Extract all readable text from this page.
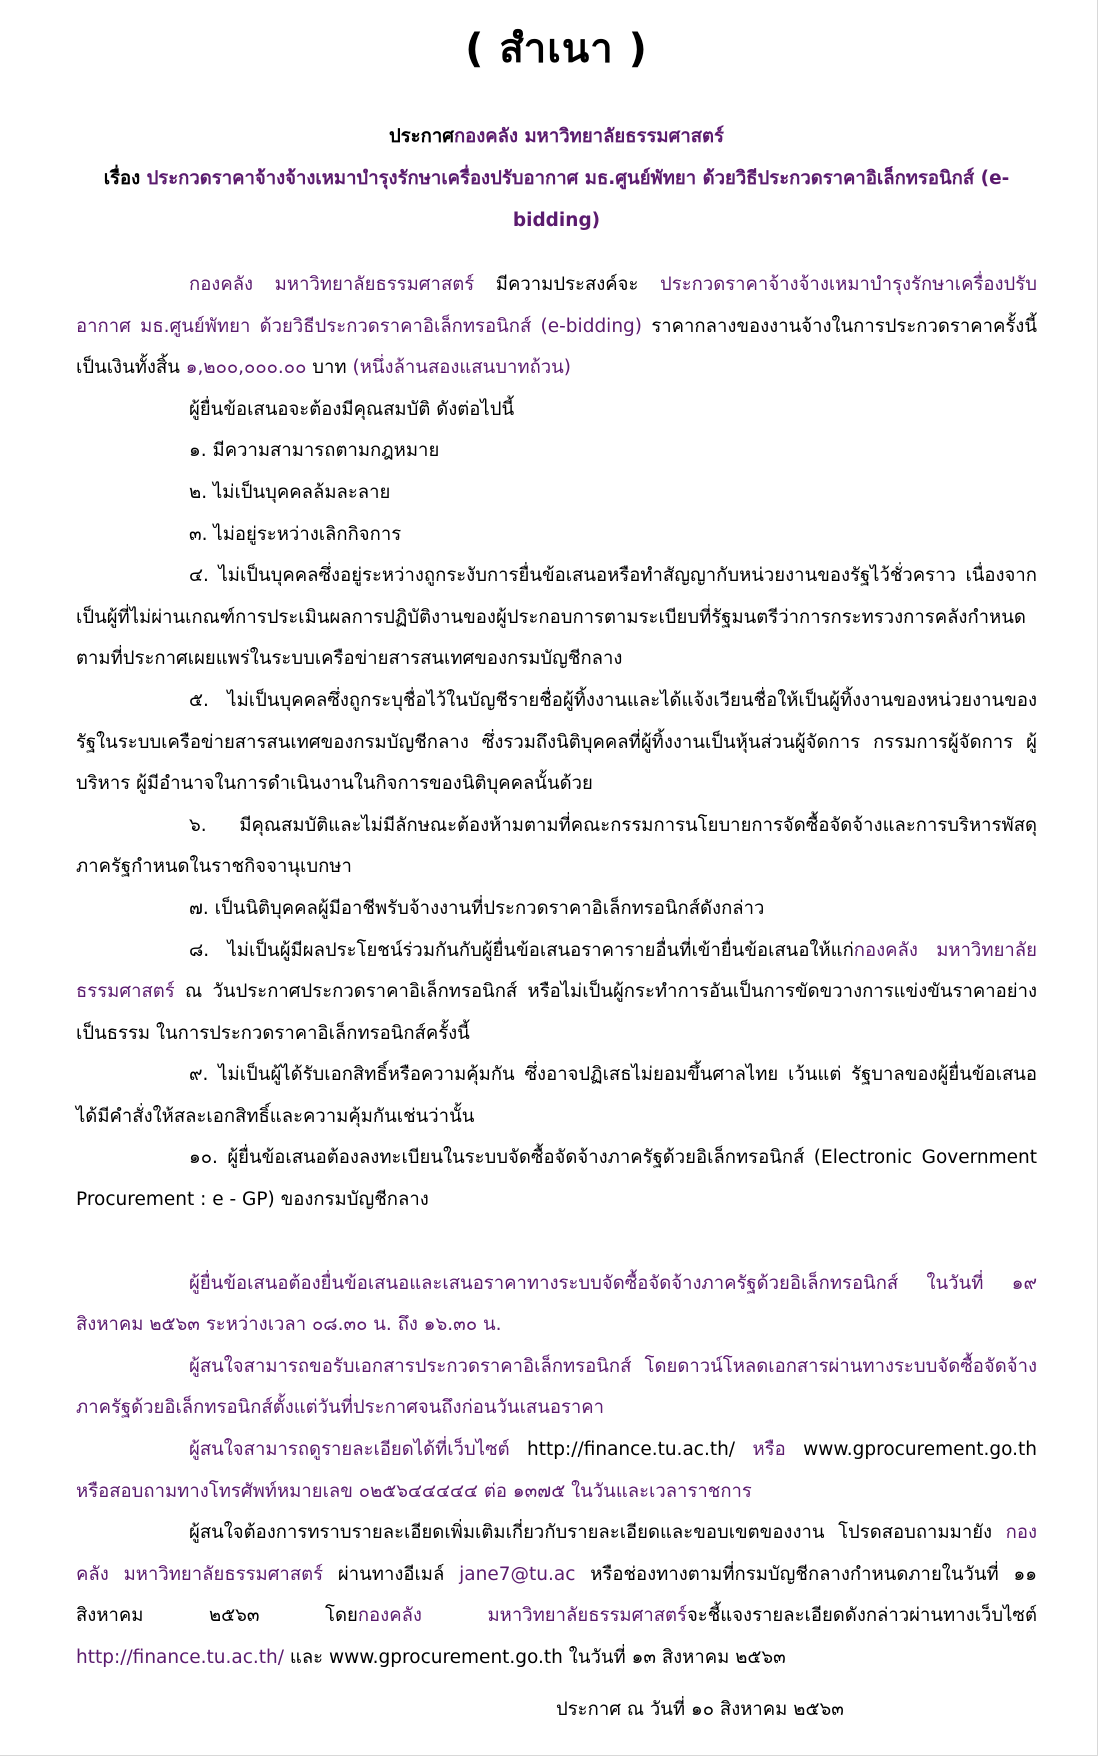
( สำเนา )

ประกาศกองคลัง มหาวิทยาลัยธรรมศาสตร์

เรื่อง ประกวดราคาจ้างจ้างเหมาบำรุงรักษาเครื่องปรับอากาศ มธ.ศูนย์พัทยา ด้วยวิธีประกวดราคาอิเล็กทรอนิกส์ (e-bidding)

กองคลัง มหาวิทยาลัยธรรมศาสตร์ มีความประสงค์จะ ประกวดราคาจ้างจ้างเหมาบำรุงรักษาเครื่องปรับอากาศ มธ.ศูนย์พัทยา ด้วยวิธีประกวดราคาอิเล็กทรอนิกส์ (e-bidding) ราคากลางของงานจ้างในการประกวดราคาครั้งนี้เป็นเงินทั้งสิ้น ๑,๒๐๐,๐๐๐.๐๐ บาท (หนึ่งล้านสองแสนบาทถ้วน)

ผู้ยื่นข้อเสนอจะต้องมีคุณสมบัติ ดังต่อไปนี้

๑. มีความสามารถตามกฎหมาย

๒. ไม่เป็นบุคคลล้มละลาย

๓. ไม่อยู่ระหว่างเลิกกิจการ

๔. ไม่เป็นบุคคลซึ่งอยู่ระหว่างถูกระงับการยื่นข้อเสนอหรือทำสัญญากับหน่วยงานของรัฐไว้ชั่วคราว เนื่องจากเป็นผู้ที่ไม่ผ่านเกณฑ์การประเมินผลการปฏิบัติงานของผู้ประกอบการตามระเบียบที่รัฐมนตรีว่าการกระทรวงการคลังกำหนดตามที่ประกาศเผยแพร่ในระบบเครือข่ายสารสนเทศของกรมบัญชีกลาง

๕. ไม่เป็นบุคคลซึ่งถูกระบุชื่อไว้ในบัญชีรายชื่อผู้ทิ้งงานและได้แจ้งเวียนชื่อให้เป็นผู้ทิ้งงานของหน่วยงานของรัฐในระบบเครือข่ายสารสนเทศของกรมบัญชีกลาง ซึ่งรวมถึงนิติบุคคลที่ผู้ทิ้งงานเป็นหุ้นส่วนผู้จัดการ กรรมการผู้จัดการ ผู้บริหาร ผู้มีอำนาจในการดำเนินงานในกิจการของนิติบุคคลนั้นด้วย

๖. มีคุณสมบัติและไม่มีลักษณะต้องห้ามตามที่คณะกรรมการนโยบายการจัดซื้อจัดจ้างและการบริหารพัสดุภาครัฐกำหนดในราชกิจจานุเบกษา

๗. เป็นนิติบุคคลผู้มีอาชีพรับจ้างงานที่ประกวดราคาอิเล็กทรอนิกส์ดังกล่าว

๘. ไม่เป็นผู้มีผลประโยชน์ร่วมกันกับผู้ยื่นข้อเสนอราคารายอื่นที่เข้ายื่นข้อเสนอให้แก่กองคลัง มหาวิทยาลัยธรรมศาสตร์ ณ วันประกาศประกวดราคาอิเล็กทรอนิกส์ หรือไม่เป็นผู้กระทำการอันเป็นการขัดขวางการแข่งขันราคาอย่างเป็นธรรม ในการประกวดราคาอิเล็กทรอนิกส์ครั้งนี้

๙. ไม่เป็นผู้ได้รับเอกสิทธิ์หรือความคุ้มกัน ซึ่งอาจปฏิเสธไม่ยอมขึ้นศาลไทย เว้นแต่ รัฐบาลของผู้ยื่นข้อเสนอได้มีคำสั่งให้สละเอกสิทธิ์และความคุ้มกันเช่นว่านั้น

๑๐. ผู้ยื่นข้อเสนอต้องลงทะเบียนในระบบจัดซื้อจัดจ้างภาครัฐด้วยอิเล็กทรอนิกส์ (Electronic Government Procurement : e - GP) ของกรมบัญชีกลาง

ผู้ยื่นข้อเสนอต้องยื่นข้อเสนอและเสนอราคาทางระบบจัดซื้อจัดจ้างภาครัฐด้วยอิเล็กทรอนิกส์ ในวันที่ ๑๙ สิงหาคม ๒๕๖๓ ระหว่างเวลา ๐๘.๓๐ น. ถึง ๑๖.๓๐ น.

ผู้สนใจสามารถขอรับเอกสารประกวดราคาอิเล็กทรอนิกส์ โดยดาวน์โหลดเอกสารผ่านทางระบบจัดซื้อจัดจ้างภาครัฐด้วยอิเล็กทรอนิกส์ตั้งแต่วันที่ประกาศจนถึงก่อนวันเสนอราคา

ผู้สนใจสามารถดูรายละเอียดได้ที่เว็บไซต์ http://finance.tu.ac.th/ หรือ www.gprocurement.go.th หรือสอบถามทางโทรศัพท์หมายเลข ๐๒๕๖๔๔๔๔๔ ต่อ ๑๓๗๕ ในวันและเวลาราชการ

ผู้สนใจต้องการทราบรายละเอียดเพิ่มเติมเกี่ยวกับรายละเอียดและขอบเขตของงาน โปรดสอบถามมายัง กองคลัง มหาวิทยาลัยธรรมศาสตร์ ผ่านทางอีเมล์ jane7@tu.ac หรือช่องทางตามที่กรมบัญชีกลางกำหนดภายในวันที่ ๑๑ สิงหาคม ๒๕๖๓ โดยกองคลัง มหาวิทยาลัยธรรมศาสตร์จะชี้แจงรายละเอียดดังกล่าวผ่านทางเว็บไซต์ http://finance.tu.ac.th/ และ www.gprocurement.go.th ในวันที่ ๑๓ สิงหาคม ๒๕๖๓

ประกาศ ณ วันที่ ๑๐ สิงหาคม ๒๕๖๓
